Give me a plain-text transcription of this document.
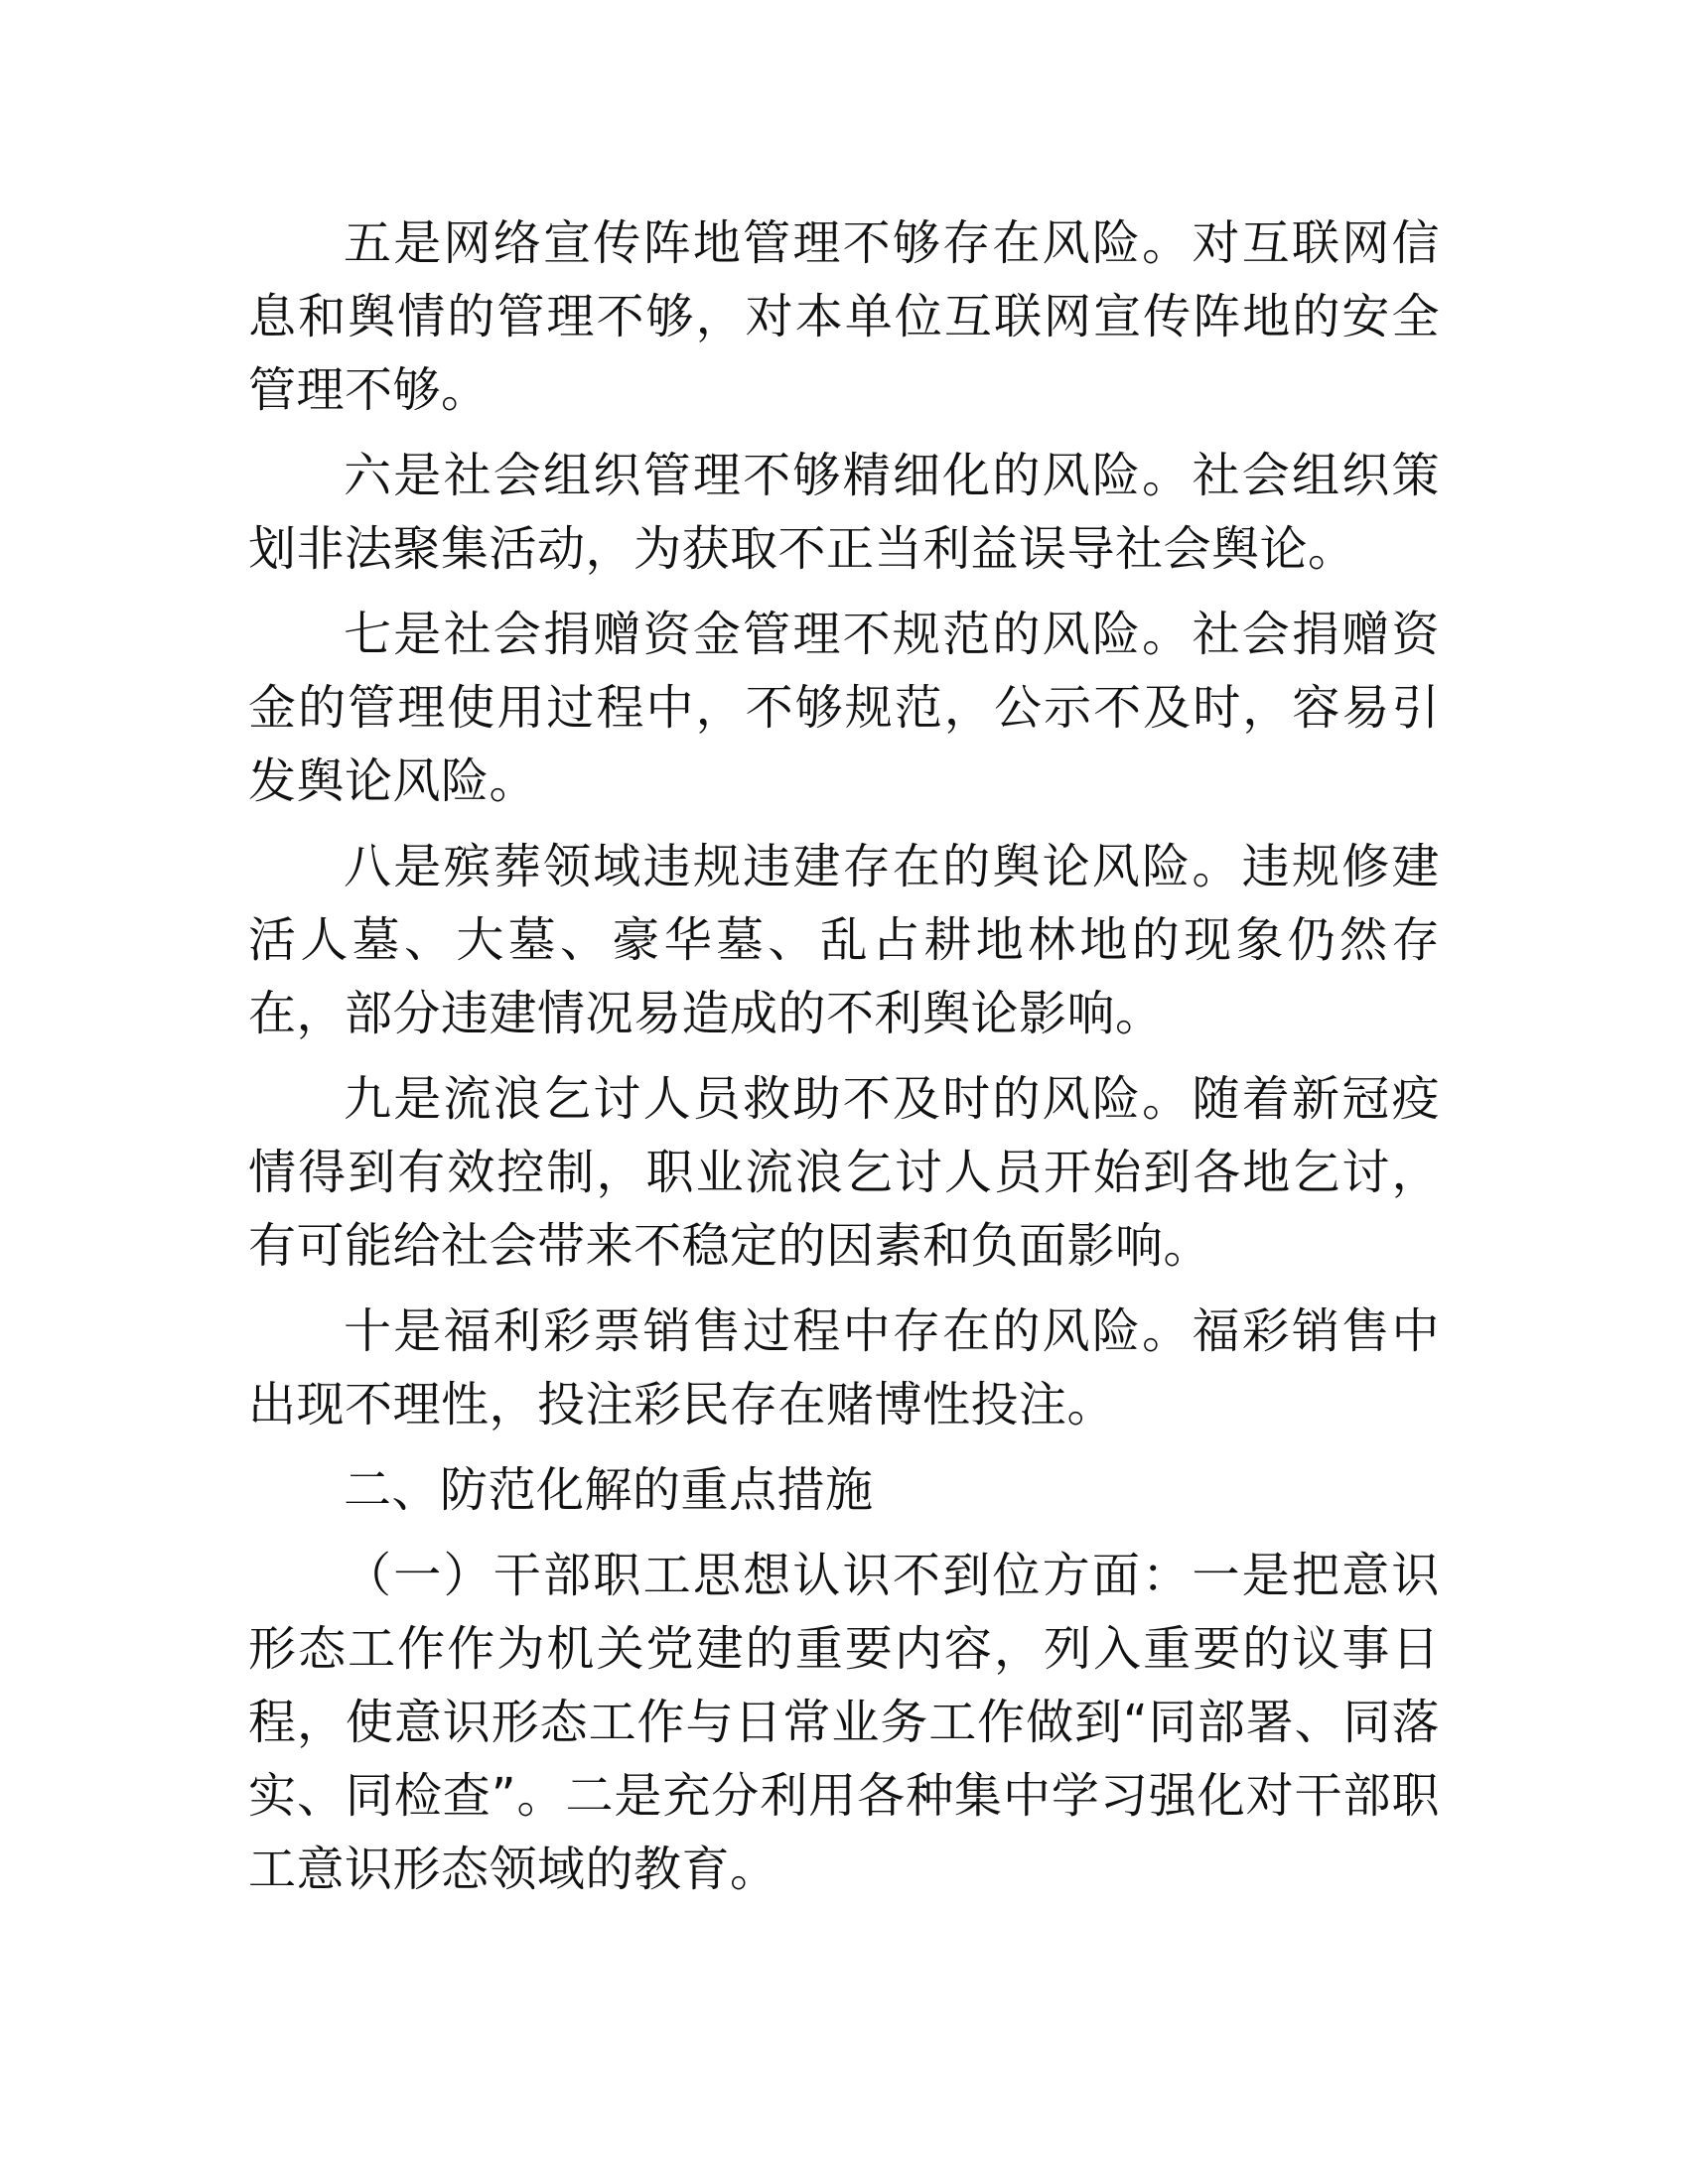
五是网络宣传阵地管理不够存在风险。对互联网信息和舆情的管理不够，对本单位互联网宣传阵地的安全管理不够。

六是社会组织管理不够精细化的风险。社会组织策划非法聚集活动，为获取不正当利益误导社会舆论。

七是社会捐赠资金管理不规范的风险。社会捐赠资金的管理使用过程中，不够规范，公示不及时，容易引发舆论风险。

八是殡葬领域违规违建存在的舆论风险。违规修建活人墓、大墓、豪华墓、乱占耕地林地的现象仍然存在，部分违建情况易造成的不利舆论影响。

九是流浪乞讨人员救助不及时的风险。随着新冠疫情得到有效控制，职业流浪乞讨人员开始到各地乞讨，有可能给社会带来不稳定的因素和负面影响。

十是福利彩票销售过程中存在的风险。福彩销售中出现不理性，投注彩民存在赌博性投注。

二、防范化解的重点措施

（一）干部职工思想认识不到位方面：一是把意识形态工作作为机关党建的重要内容，列入重要的议事日程，使意识形态工作与日常业务工作做到“同部署、同落实、同检查”。二是充分利用各种集中学习强化对干部职工意识形态领域的教育。
